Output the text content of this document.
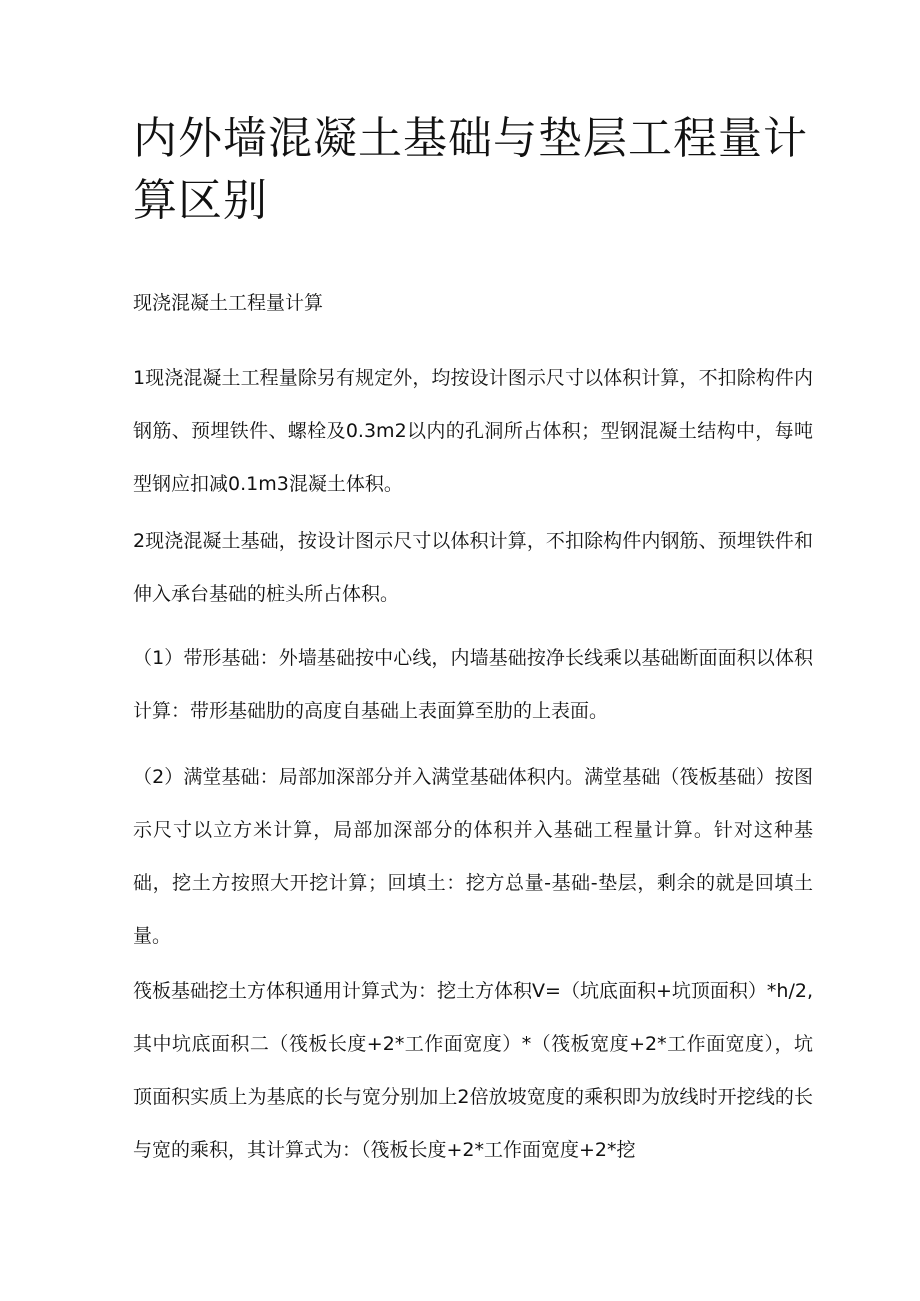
内外墙混凝土基础与垫层工程量计算区别

现浇混凝土工程量计算

1现浇混凝土工程量除另有规定外，均按设计图示尺寸以体积计算，不扣除构件内钢筋、预埋铁件、螺栓及0.3m2以内的孔洞所占体积；型钢混凝土结构中，每吨型钢应扣减0.1m3混凝土体积。

2现浇混凝土基础，按设计图示尺寸以体积计算，不扣除构件内钢筋、预埋铁件和伸入承台基础的桩头所占体积。

（1）带形基础：外墙基础按中心线，内墙基础按净长线乘以基础断面面积以体积计算：带形基础肋的高度自基础上表面算至肋的上表面。

（2）满堂基础：局部加深部分并入满堂基础体积内。满堂基础（筏板基础）按图示尺寸以立方米计算，局部加深部分的体积并入基础工程量计算。针对这种基础，挖土方按照大开挖计算；回填土：挖方总量-基础-垫层，剩余的就是回填土量。

筏板基础挖土方体积通用计算式为：挖土方体积V=（坑底面积+坑顶面积）*h/2,其中坑底面积二（筏板长度+2*工作面宽度）*（筏板宽度+2*工作面宽度），坑顶面积实质上为基底的长与宽分别加上2倍放坡宽度的乘积即为放线时开挖线的长与宽的乘积，其计算式为：（筏板长度+2*工作面宽度+2*挖
